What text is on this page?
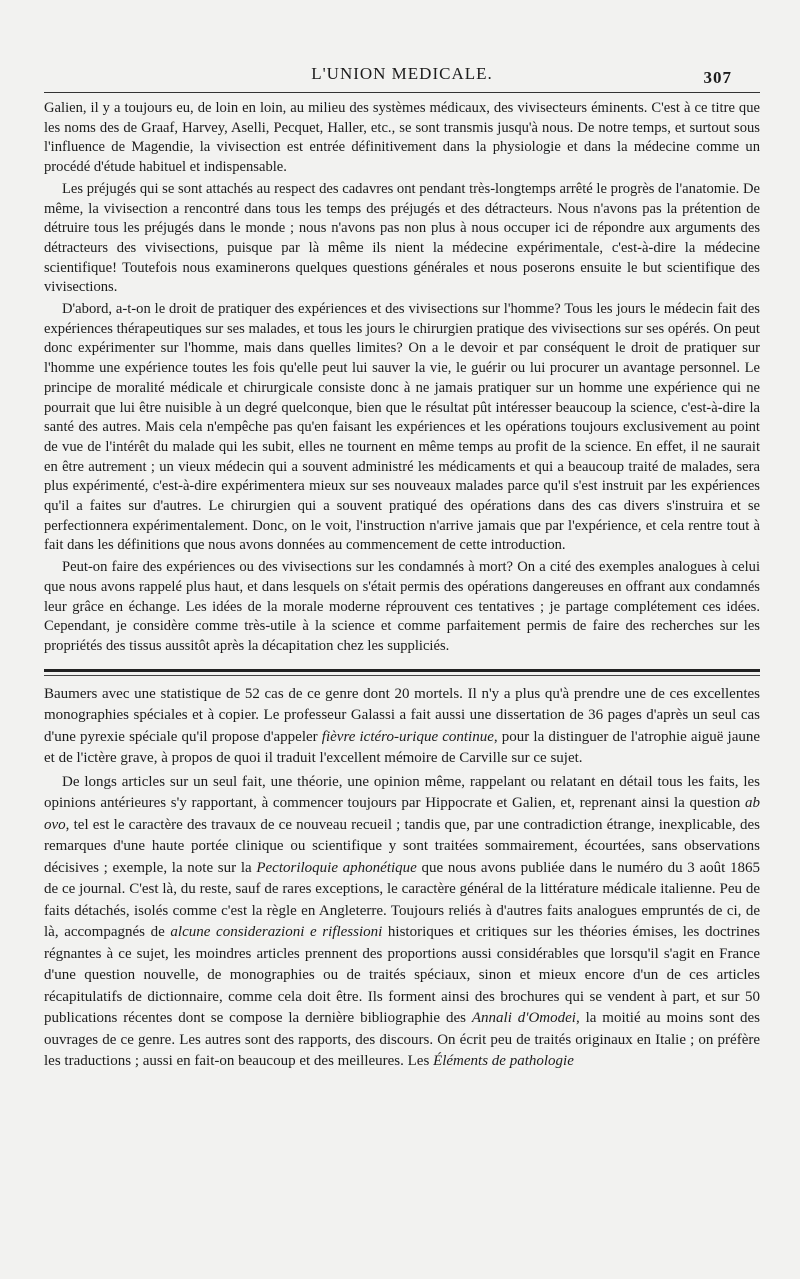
L'UNION MEDICALE.	307

Galien, il y a toujours eu, de loin en loin, au milieu des systèmes médicaux, des vivisecteurs éminents. C'est à ce titre que les noms des de Graaf, Harvey, Aselli, Pecquet, Haller, etc., se sont transmis jusqu'à nous. De notre temps, et surtout sous l'influence de Magendie, la vivisection est entrée définitivement dans la physiologie et dans la médecine comme un procédé d'étude habituel et indispensable.

Les préjugés qui se sont attachés au respect des cadavres ont pendant très-longtemps arrêté le progrès de l'anatomie. De même, la vivisection a rencontré dans tous les temps des préjugés et des détracteurs. Nous n'avons pas la prétention de détruire tous les préjugés dans le monde ; nous n'avons pas non plus à nous occuper ici de répondre aux arguments des détracteurs des vivisections, puisque par là même ils nient la médecine expérimentale, c'est-à-dire la médecine scientifique! Toutefois nous examinerons quelques questions générales et nous poserons ensuite le but scientifique des vivisections.

D'abord, a-t-on le droit de pratiquer des expériences et des vivisections sur l'homme? Tous les jours le médecin fait des expériences thérapeutiques sur ses malades, et tous les jours le chirurgien pratique des vivisections sur ses opérés. On peut donc expérimenter sur l'homme, mais dans quelles limites? On a le devoir et par conséquent le droit de pratiquer sur l'homme une expérience toutes les fois qu'elle peut lui sauver la vie, le guérir ou lui procurer un avantage personnel. Le principe de moralité médicale et chirurgicale consiste donc à ne jamais pratiquer sur un homme une expérience qui ne pourrait que lui être nuisible à un degré quelconque, bien que le résultat pût intéresser beaucoup la science, c'est-à-dire la santé des autres. Mais cela n'empêche pas qu'en faisant les expériences et les opérations toujours exclusivement au point de vue de l'intérêt du malade qui les subit, elles ne tournent en même temps au profit de la science. En effet, il ne saurait en être autrement ; un vieux médecin qui a souvent administré les médicaments et qui a beaucoup traité de malades, sera plus expérimenté, c'est-à-dire expérimentera mieux sur ses nouveaux malades parce qu'il s'est instruit par les expériences qu'il a faites sur d'autres. Le chirurgien qui a souvent pratiqué des opérations dans des cas divers s'instruira et se perfectionnera expérimentalement. Donc, on le voit, l'instruction n'arrive jamais que par l'expérience, et cela rentre tout à fait dans les définitions que nous avons données au commencement de cette introduction.

Peut-on faire des expériences ou des vivisections sur les condamnés à mort? On a cité des exemples analogues à celui que nous avons rappelé plus haut, et dans lesquels on s'était permis des opérations dangereuses en offrant aux condamnés leur grâce en échange. Les idées de la morale moderne réprouvent ces tentatives ; je partage complétement ces idées. Cependant, je considère comme très-utile à la science et comme parfaitement permis de faire des recherches sur les propriétés des tissus aussitôt après la décapitation chez les suppliciés.

Baumers avec une statistique de 52 cas de ce genre dont 20 mortels. Il n'y a plus qu'à prendre une de ces excellentes monographies spéciales et à copier. Le professeur Galassi a fait aussi une dissertation de 36 pages d'après un seul cas d'une pyrexie spéciale qu'il propose d'appeler fièvre ictéro-urique continue, pour la distinguer de l'atrophie aiguë jaune et de l'ictère grave, à propos de quoi il traduit l'excellent mémoire de Carville sur ce sujet.

De longs articles sur un seul fait, une théorie, une opinion même, rappelant ou relatant en détail tous les faits, les opinions antérieures s'y rapportant, à commencer toujours par Hippocrate et Galien, et, reprenant ainsi la question ab ovo, tel est le caractère des travaux de ce nouveau recueil ; tandis que, par une contradiction étrange, inexplicable, des remarques d'une haute portée clinique ou scientifique y sont traitées sommairement, écourtées, sans observations décisives ; exemple, la note sur la Pectoriloquie aphonétique que nous avons publiée dans le numéro du 3 août 1865 de ce journal. C'est là, du reste, sauf de rares exceptions, le caractère général de la littérature médicale italienne. Peu de faits détachés, isolés comme c'est la règle en Angleterre. Toujours reliés à d'autres faits analogues empruntés de ci, de là, accompagnés de alcune considerazioni e riflessioni historiques et critiques sur les théories émises, les doctrines régnantes à ce sujet, les moindres articles prennent des proportions aussi considérables que lorsqu'il s'agit en France d'une question nouvelle, de monographies ou de traités spéciaux, sinon et mieux encore d'un de ces articles récapitulatifs de dictionnaire, comme cela doit être. Ils forment ainsi des brochures qui se vendent à part, et sur 50 publications récentes dont se compose la dernière bibliographie des Annali d'Omodei, la moitié au moins sont des ouvrages de ce genre. Les autres sont des rapports, des discours. On écrit peu de traités originaux en Italie ; on préfère les traductions ; aussi en fait-on beaucoup et des meilleures. Les Éléments de pathologie
